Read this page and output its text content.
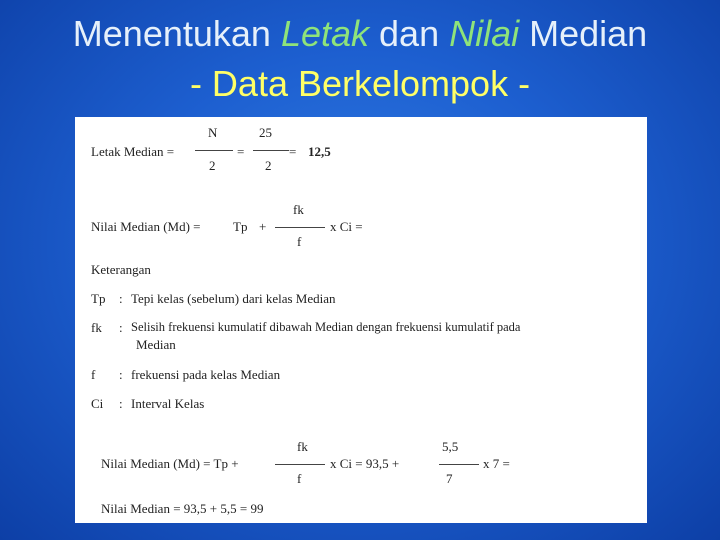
Menentukan Letak dan Nilai Median
- Data Berkelompok -
Letak Median =
N
2
=
25
2
= 12,5
Nilai Median (Md) = Tp +
fk
f
x Ci =
Keterangan
Tp : Tepi kelas (sebelum) dari kelas Median
fk : Selisih frekuensi kumulatif dibawah Median dengan frekuensi kumulatif pada
Median
f : frekuensi pada kelas Median
Ci : Interval Kelas
Nilai Median (Md) = Tp +
fk
f
x Ci = 93,5 +
5,5
7
x 7 =
Nilai Median = 93,5 + 5,5 = 99
